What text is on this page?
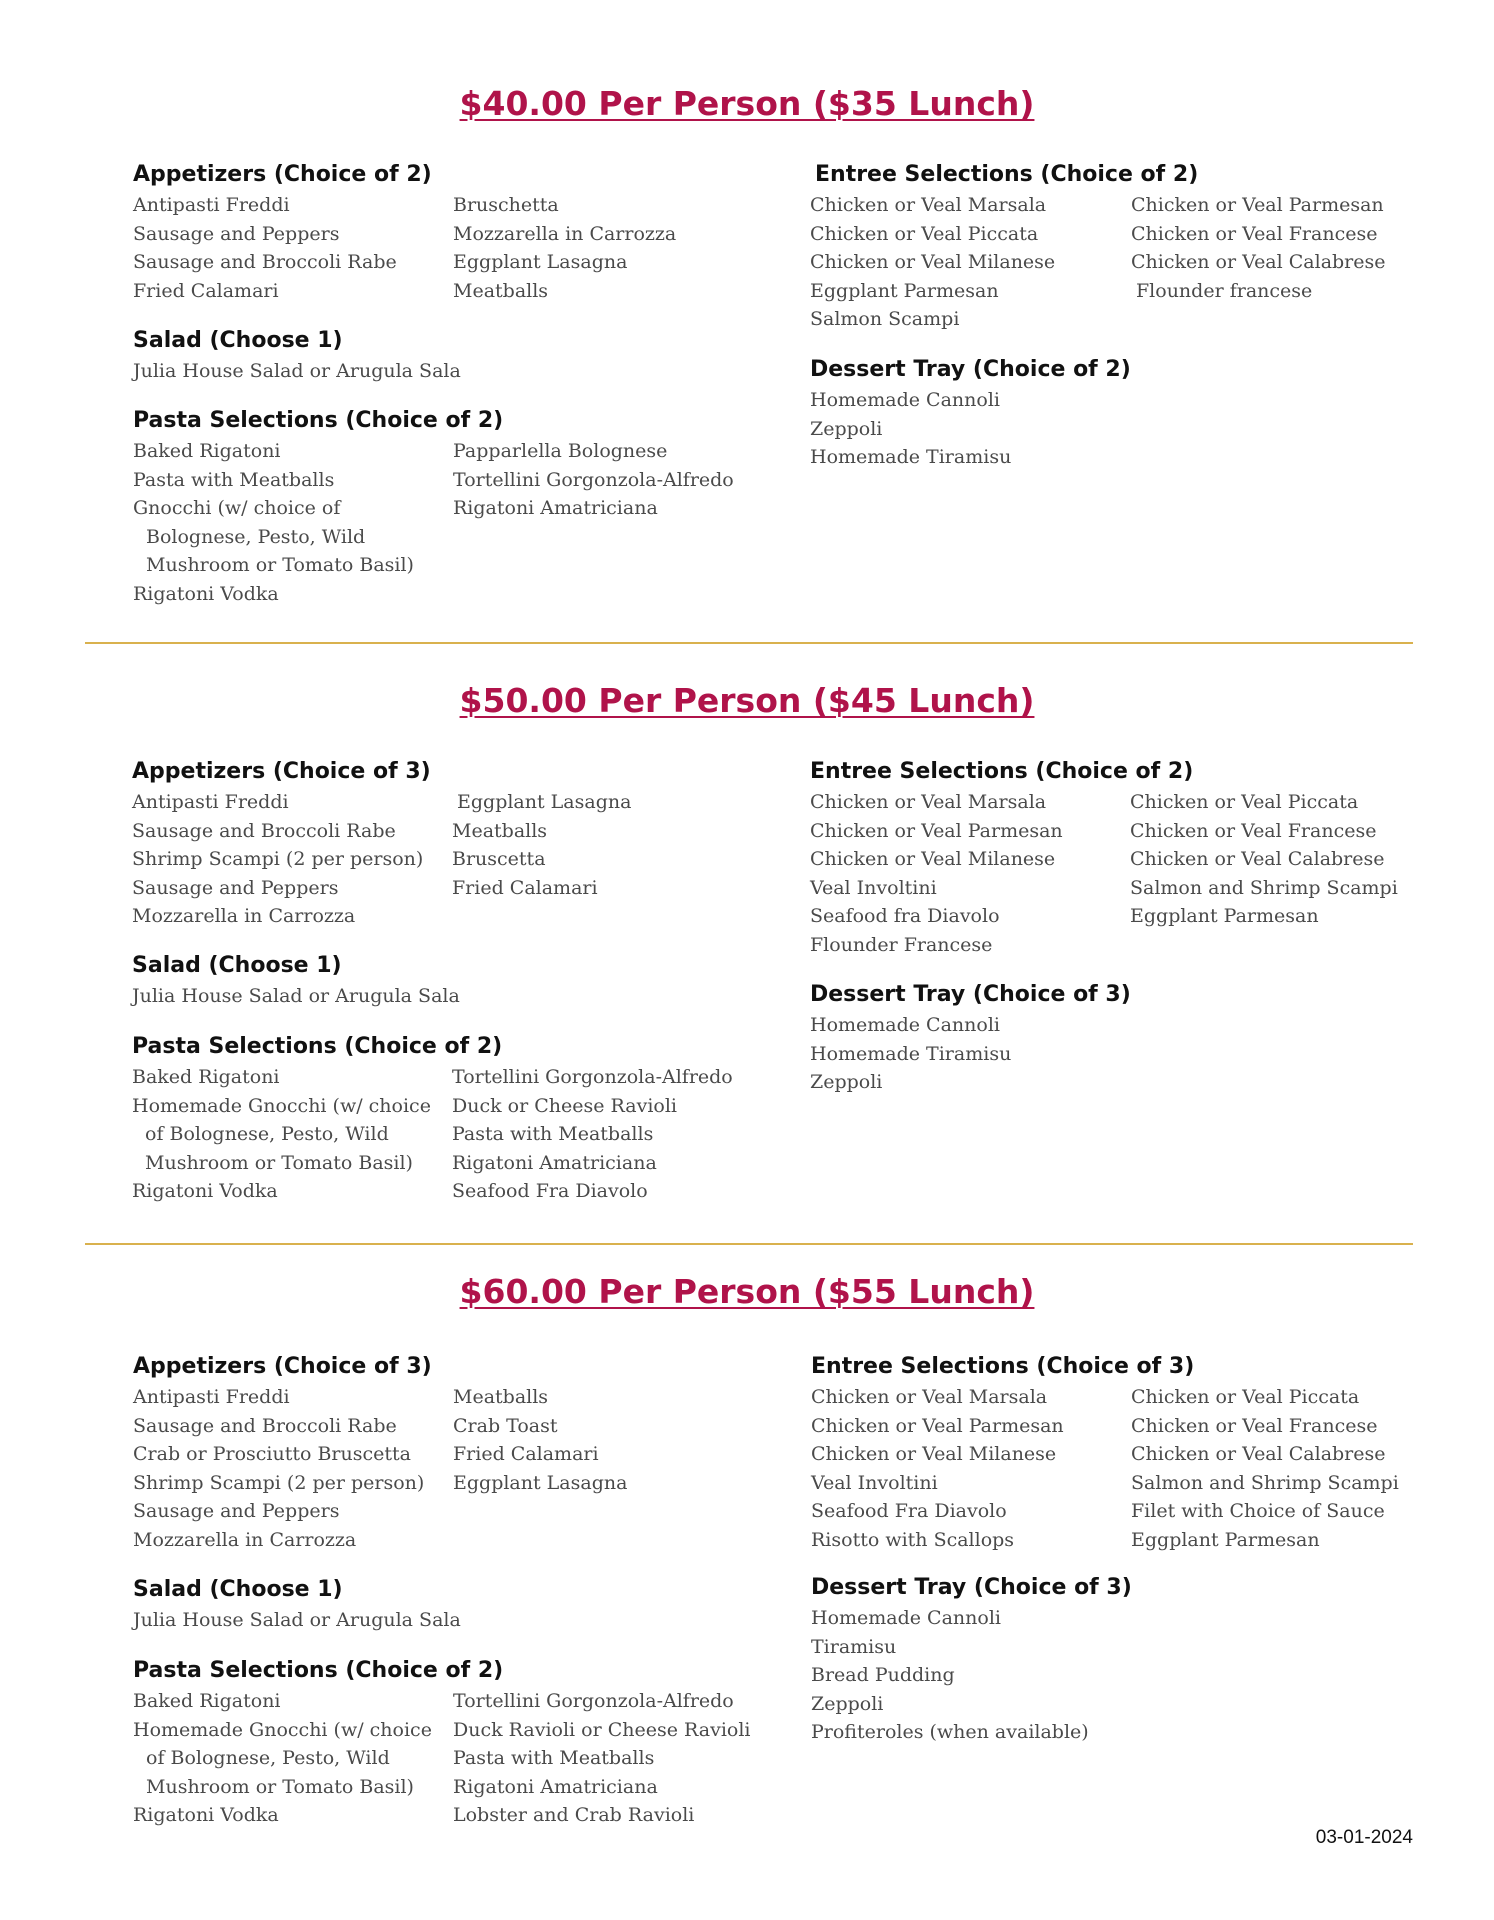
$40.00 Per Person ($35 Lunch)
Appetizers (Choice of 2)
Antipasti Freddi
Sausage and Peppers
Sausage and Broccoli Rabe
Fried Calamari
Bruschetta
Mozzarella in Carrozza
Eggplant Lasagna
Meatballs
Salad (Choose 1)
Julia House Salad or Arugula Sala
Pasta Selections (Choice of 2)
Baked Rigatoni
Pasta with Meatballs
Gnocchi (w/ choice of
Bolognese, Pesto, Wild
Mushroom or Tomato Basil)
Rigatoni Vodka
Papparlella Bolognese
Tortellini Gorgonzola-Alfredo
Rigatoni Amatriciana
Entree Selections (Choice of 2)
Chicken or Veal Marsala
Chicken or Veal Piccata
Chicken or Veal Milanese
Eggplant Parmesan
Salmon Scampi
Chicken or Veal Parmesan
Chicken or Veal Francese
Chicken or Veal Calabrese
Flounder francese
Dessert Tray (Choice of 2)
Homemade Cannoli
Zeppoli
Homemade Tiramisu
$50.00 Per Person ($45 Lunch)
Appetizers (Choice of 3)
Antipasti Freddi
Sausage and Broccoli Rabe
Shrimp Scampi (2 per person)
Sausage and Peppers
Mozzarella in Carrozza
Eggplant Lasagna
Meatballs
Bruscetta
Fried Calamari
Salad (Choose 1)
Julia House Salad or Arugula Sala
Pasta Selections (Choice of 2)
Baked Rigatoni
Homemade Gnocchi (w/ choice
of Bolognese, Pesto, Wild
Mushroom or Tomato Basil)
Rigatoni Vodka
Tortellini Gorgonzola-Alfredo
Duck or Cheese Ravioli
Pasta with Meatballs
Rigatoni Amatriciana
Seafood Fra Diavolo
Entree Selections (Choice of 2)
Chicken or Veal Marsala
Chicken or Veal Parmesan
Chicken or Veal Milanese
Veal Involtini
Seafood fra Diavolo
Flounder Francese
Chicken or Veal Piccata
Chicken or Veal Francese
Chicken or Veal Calabrese
Salmon and Shrimp Scampi
Eggplant Parmesan
Dessert Tray (Choice of 3)
Homemade Cannoli
Homemade Tiramisu
Zeppoli
$60.00 Per Person ($55 Lunch)
Appetizers (Choice of 3)
Antipasti Freddi
Sausage and Broccoli Rabe
Crab or Prosciutto Bruscetta
Shrimp Scampi (2 per person)
Sausage and Peppers
Mozzarella in Carrozza
Meatballs
Crab Toast
Fried Calamari
Eggplant Lasagna
Salad (Choose 1)
Julia House Salad or Arugula Sala
Pasta Selections (Choice of 2)
Baked Rigatoni
Homemade Gnocchi (w/ choice
of Bolognese, Pesto, Wild
Mushroom or Tomato Basil)
Rigatoni Vodka
Tortellini Gorgonzola-Alfredo
Duck Ravioli or Cheese Ravioli
Pasta with Meatballs
Rigatoni Amatriciana
Lobster and Crab Ravioli
Entree Selections (Choice of 3)
Chicken or Veal Marsala
Chicken or Veal Parmesan
Chicken or Veal Milanese
Veal Involtini
Seafood Fra Diavolo
Risotto with Scallops
Chicken or Veal Piccata
Chicken or Veal Francese
Chicken or Veal Calabrese
Salmon and Shrimp Scampi
Filet with Choice of Sauce
Eggplant Parmesan
Dessert Tray (Choice of 3)
Homemade Cannoli
Tiramisu
Bread Pudding
Zeppoli
Profiteroles (when available)

03-01-2024
